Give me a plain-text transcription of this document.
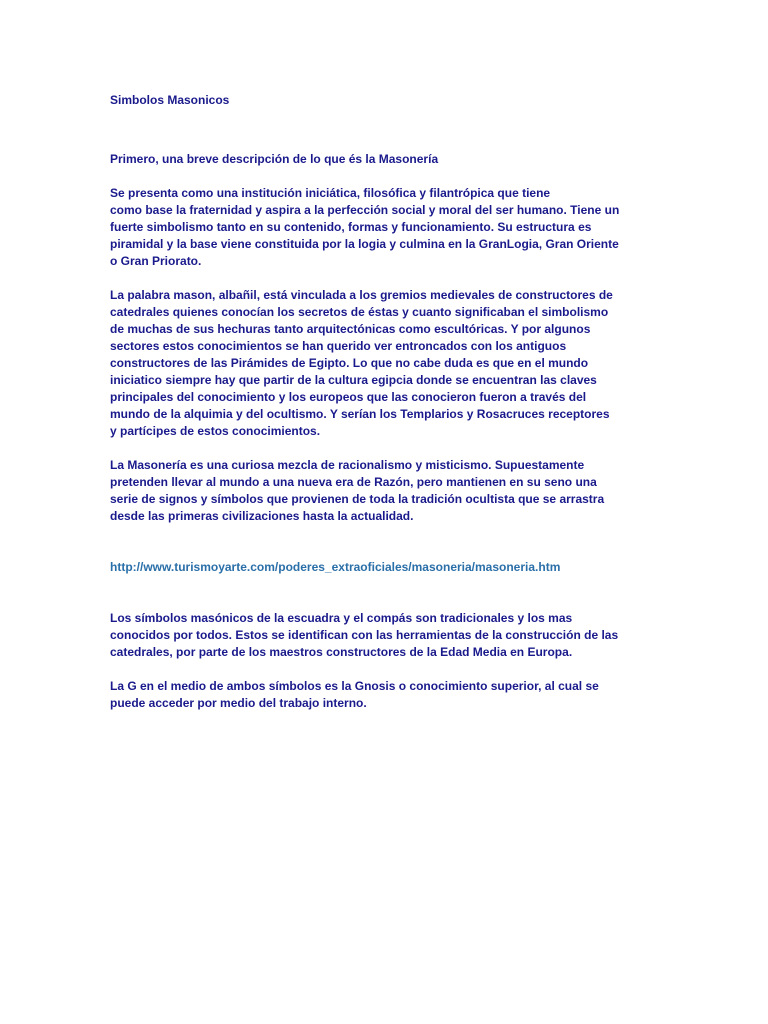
Simbolos Masonicos

Primero, una breve descripción de lo que és la Masonería

Se presenta como una institución iniciática, filosófica y filantrópica que tiene
como base la fraternidad y aspira a la perfección social y moral del ser humano. Tiene un
fuerte simbolismo tanto en su contenido, formas y funcionamiento. Su estructura es
piramidal y la base viene constituida por la logia y culmina en la GranLogia, Gran Oriente
o Gran Priorato.

La palabra mason, albañil, está vinculada a los gremios medievales de constructores de
catedrales quienes conocían los secretos de éstas y cuanto significaban el simbolismo
de muchas de sus hechuras tanto arquitectónicas como escultóricas. Y por algunos
sectores estos conocimientos se han querido ver entroncados con los antiguos
constructores de las Pirámides de Egipto. Lo que no cabe duda es que en el mundo
iniciatico siempre hay que partir de la cultura egipcia donde se encuentran las claves
principales del conocimiento y los europeos que las conocieron fueron a través del
mundo de la alquimia y del ocultismo. Y serían los Templarios y Rosacruces receptores
y partícipes de estos conocimientos.

La Masonería es una curiosa mezcla de racionalismo y misticismo. Supuestamente
pretenden llevar al mundo a una nueva era de Razón, pero mantienen en su seno una
serie de signos y símbolos que provienen de toda la tradición ocultista que se arrastra
desde las primeras civilizaciones hasta la actualidad.

http://www.turismoyarte.com/poderes_extraoficiales/masoneria/masoneria.htm

Los símbolos masónicos de la escuadra y el compás son tradicionales y los mas
conocidos por todos. Estos se identifican con las herramientas de la construcción de las
catedrales, por parte de los maestros constructores de la Edad Media en Europa.

La G en el medio de ambos símbolos es la Gnosis o conocimiento superior, al cual se
puede acceder por medio del trabajo interno.
